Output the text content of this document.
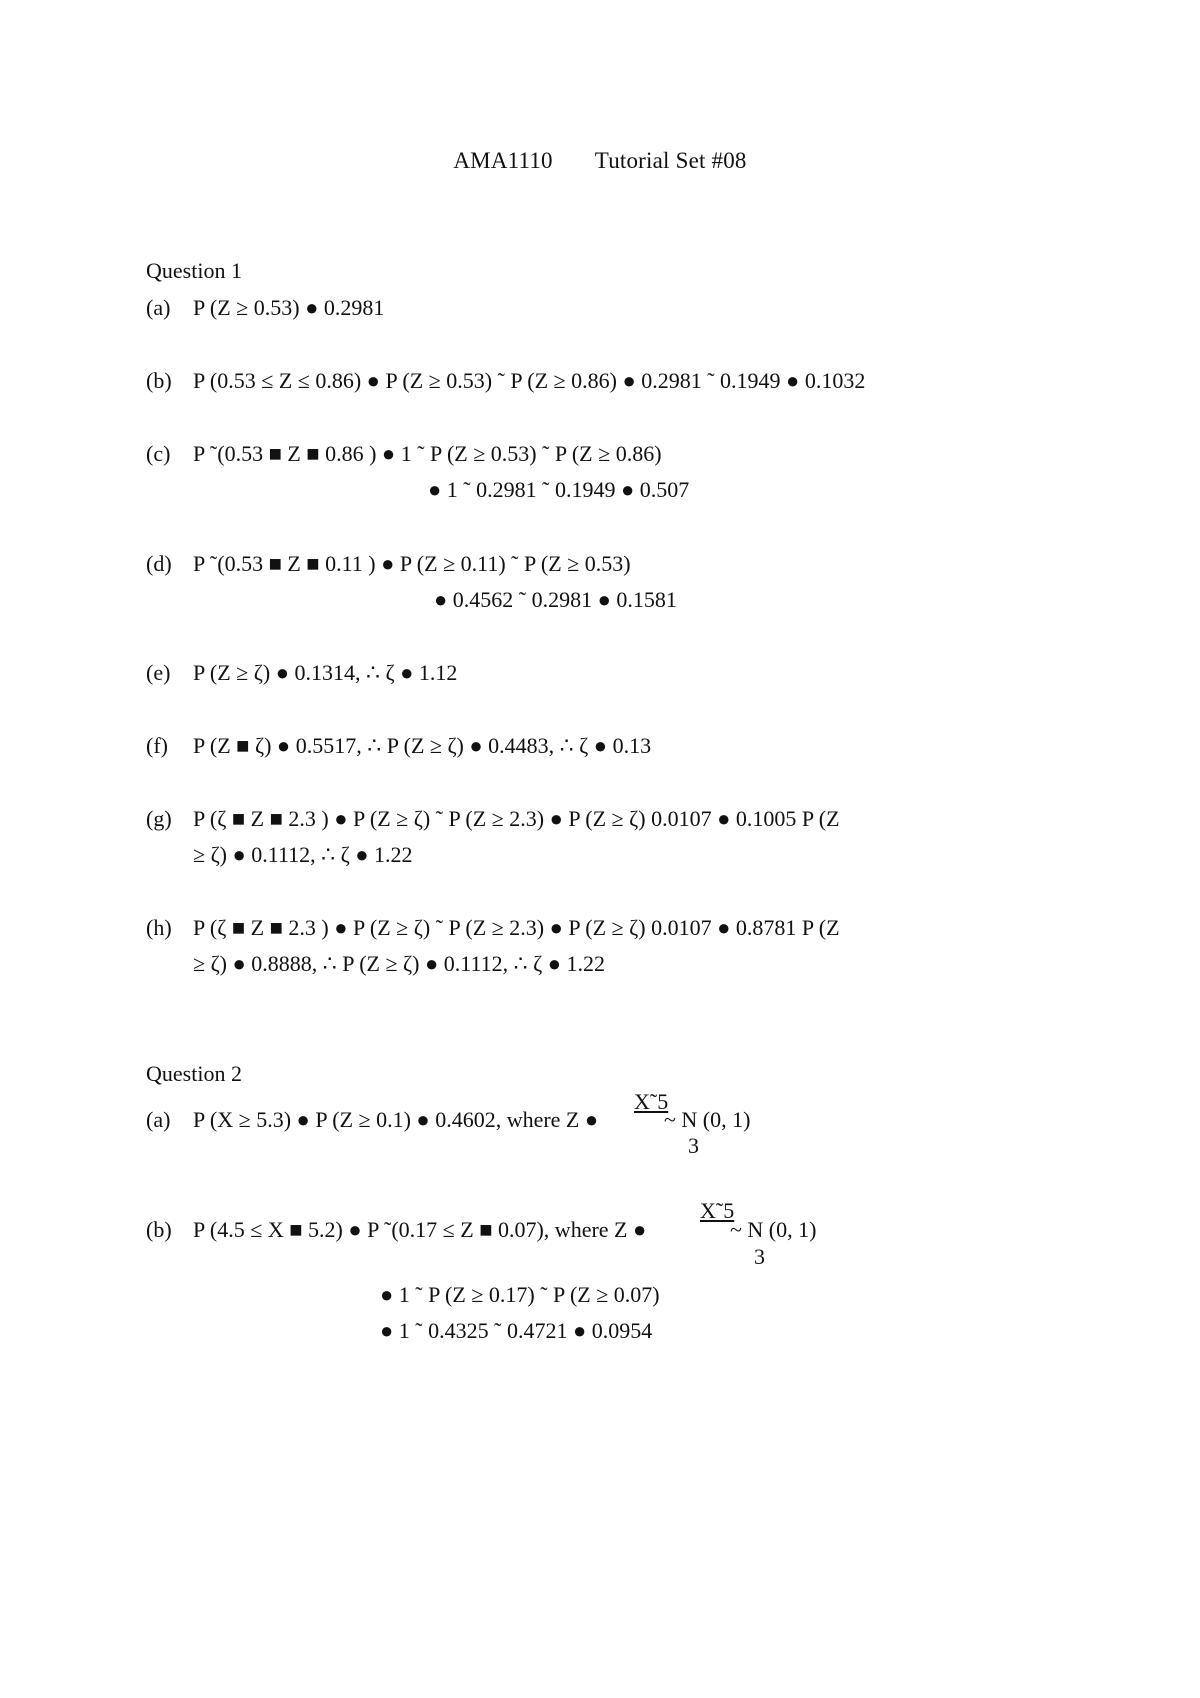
AMA1110 Tutorial Set #08
Question 1
(a) P (Z ≥ 0.53) ● 0.2981
(b) P (0.53 ≤ Z ≤ 0.86) ● P (Z ≥ 0.53) ˜ P (Z ≥ 0.86) ● 0.2981 ˜ 0.1949 ● 0.1032
(c) P ˜(0.53 ■ Z ■ 0.86 ) ● 1 ˜ P (Z ≥ 0.53) ˜ P (Z ≥ 0.86)
● 1 ˜ 0.2981 ˜ 0.1949 ● 0.507
(d) P ˜(0.53 ■ Z ■ 0.11 ) ● P (Z ≥ 0.11) ˜ P (Z ≥ 0.53)
● 0.4562 ˜ 0.2981 ● 0.1581
(e) P (Z ≥ ζ) ● 0.1314, ∴ ζ ● 1.12
(f) P (Z ■ ζ) ● 0.5517, ∴ P (Z ≥ ζ) ● 0.4483, ∴ ζ ● 0.13
(g) P (ζ ■ Z ■ 2.3 ) ● P (Z ≥ ζ) ˜ P (Z ≥ 2.3) ● P (Z ≥ ζ) 0.0107 ● 0.1005 P (Z
≥ ζ) ● 0.1112, ∴ ζ ● 1.22
(h) P (ζ ■ Z ■ 2.3 ) ● P (Z ≥ ζ) ˜ P (Z ≥ 2.3) ● P (Z ≥ ζ) 0.0107 ● 0.8781 P (Z
≥ ζ) ● 0.8888, ∴ P (Z ≥ ζ) ● 0.1112, ∴ ζ ● 1.22
Question 2
(a) P (X ≥ 5.3) ● P (Z ≥ 0.1) ● 0.4602, where Z ●
X˜5
~ N (0, 1)
3
(b) P (4.5 ≤ X ■ 5.2) ● P ˜(0.17 ≤ Z ■ 0.07), where Z ●
X˜5
~ N (0, 1)
3
● 1 ˜ P (Z ≥ 0.17) ˜ P (Z ≥ 0.07)
● 1 ˜ 0.4325 ˜ 0.4721 ● 0.0954
